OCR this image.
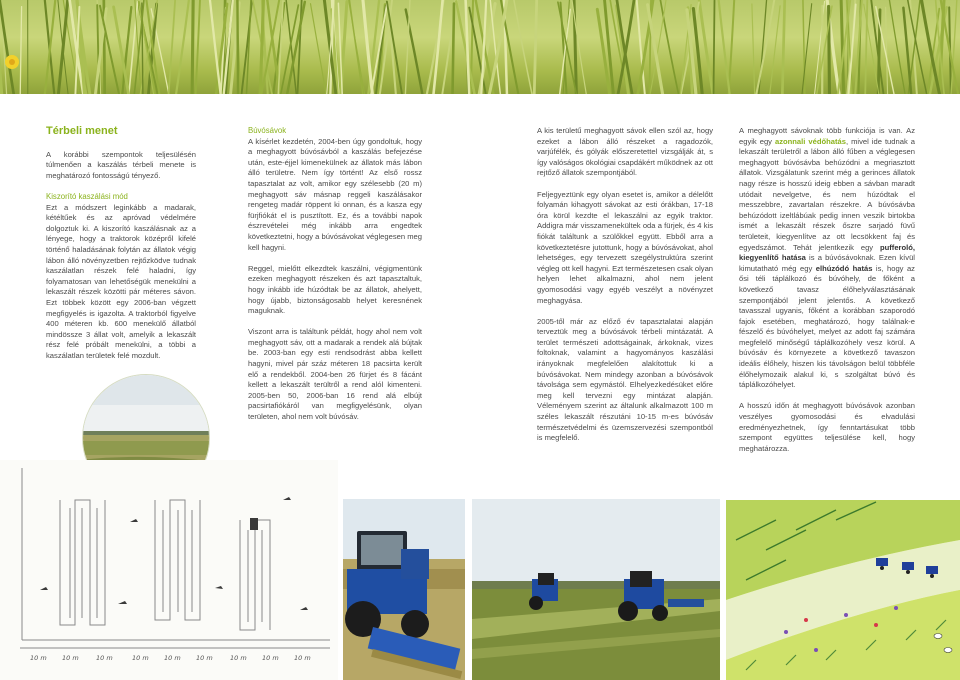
Térbeli menet

A korábbi szempontok teljesülésén túlmenően a kaszálás térbeli menete is meghatározó fontosságú tényező.

Kiszorító kaszálási mód

Ezt a módszert leginkább a madarak, kétéltűek és az apróvad védelmére dolgoztuk ki. A kiszorító kaszálásnak az a lényege, hogy a traktorok középről kifelé történő haladásának folytán az állatok végig lábon álló növényzetben rejtőzködve tudnak kaszálatlan részek felé haladni, így folyamatosan van lehetőségük menekülni a lekaszált részek közötti pár méteres sávon. Ezt többek között egy 2006-ban végzett megfigyelés is igazolta. A traktorból figyelve 400 méteren kb. 600 menekülő állatból mindössze 3 állat volt, amelyik a lekaszált rész felé próbált menekülni, a többi a kaszálatlan területek felé mozdult.

Búvósávok

A kísérlet kezdetén, 2004-ben úgy gondoltuk, hogy a meghagyott búvósávból a kaszálás befejezése után, este-éjjel kimenekülnek az állatok más lábon álló területre. Nem így történt! Az első rossz tapasztalat az volt, amikor egy szélesebb (20 m) meghagyott sáv másnap reggeli kaszálásakor rengeteg madár röppent ki onnan, és a kasza egy fürjfiókát el is pusztított. Ez, és a további napok észrevételei még inkább arra engedtek következtetni, hogy a búvósávokat véglegesen meg kell hagyni.

Reggel, mielőtt elkezdtek kaszálni, végigmentünk ezeken meghagyott részeken és azt tapasztaltuk, hogy inkább ide húzódtak be az állatok, ahelyett, hogy újabb, biztonságosabb helyet keresnének maguknak.

Viszont arra is találtunk példát, hogy ahol nem volt meghagyott sáv, ott a madarak a rendek alá bújtak be. 2003-ban egy esti rendsodrást abba kellett hagyni, mivel pár száz méteren 18 pacsirta került elő a rendekből. 2004-ben 26 fürjet és 8 fácánt kellett a lekaszált terültről a rend alól kimenteni. 2005-ben 50, 2006-ban 16 rend alá elbújt pacsirtafiókáról van megfigyelésünk, olyan területen, ahol nem volt búvósáv.

A kis területű meghagyott sávok ellen szól az, hogy ezeket a lábon álló részeket a ragadozók, varjúfélék, és gólyák előszeretettel vizsgálják át, s így valóságos ökológiai csapdákért működnek az ott rejtőző állatok szempontjából.

Feljegyeztünk egy olyan esetet is, amikor a délelőtt folyamán kihagyott sávokat az esti órákban, 17-18 óra körül kezdte el lekaszálni az egyik traktor. Addigra már visszamenekültek oda a fürjek, és 4 kis fiókát találtunk a szülőkkel együtt. Ebből arra a következtetésre jutottunk, hogy a búvósávokat, ahol lehetséges, egy tervezett szegélystruktúra szerint végleg ott kell hagyni. Ezt természetesen csak olyan helyen lehet alkalmazni, ahol nem jelent gyomosodási vagy egyéb veszélyt a növényzet meghagyása.

2005-től már az előző év tapasztalatai alapján terveztük meg a búvósávok térbeli mintázatát. A terület természeti adottságainak, árkoknak, vizes foltoknak, valamint a hagyományos kaszálási irányoknak megfelelően alakítottuk ki a búvósávokat. Nem mindegy azonban a búvósávok távolsága sem egymástól. Elhelyezkedésüket előre meg kell tervezni egy mintázat alapján. Véleményem szerint az általunk alkalmazott 100 m széles lekaszált részutáni 10-15 m-es búvósáv természetvédelmi és üzemszervezési szempontból is megfelelő.

A meghagyott sávoknak több funkciója is van. Az egyik egy azonnali védőhatás, mivel ide tudnak a lekaszált területről a lábon álló fűben a véglegesen meghagyott búvósávba behúzódni a megriasztott állatok. Vizsgálatunk szerint még a gerinces állatok nagy része is hosszú ideig ebben a sávban maradt utódait nevelgetve, és nem húzódtak el messzebbre, zavartalan részekre. A búvósávba behúzódott izeltlábúak pedig innen veszik birtokba ismét a lekaszált részek őszre sarjadó füvű területeit, kiegyenlítve az ott lecsökkent faj és egyedszámot. Tehát jelentkezik egy pufferoló, kiegyenlítő hatása is a búvósávoknak. Ezen kívül kimutatható még egy elhúzódó hatás is, hogy az ősi téli táplálkozó és búvóhely, de főként a következő tavasz élőhelyválasztásának szempontjából jelent jelentős. A következő tavasszal ugyanis, főként a korábban szaporodó fajok esetében, meghatározó, hogy találnak-e fészelő és búvóhelyet, melyet az adott faj számára megfelelő minőségű táplálkozóhely vesz körül. A búvósáv és környezete a következő tavaszon ideális élőhely, hiszen kis távolságon belül többféle élőhelymozaik alakul ki, s szolgáltat búvó és táplálkozóhelyet.

A hosszú időn át meghagyott búvósávok azonban veszélyes gyomosodási és elvadulási eredményezhetnek, így fenntartásukat több szempont együttes teljesülése kell, hogy meghatározza.

10 m 10 m	10 m	10 m 10 m 10 m	10 m 10 m 10 m
